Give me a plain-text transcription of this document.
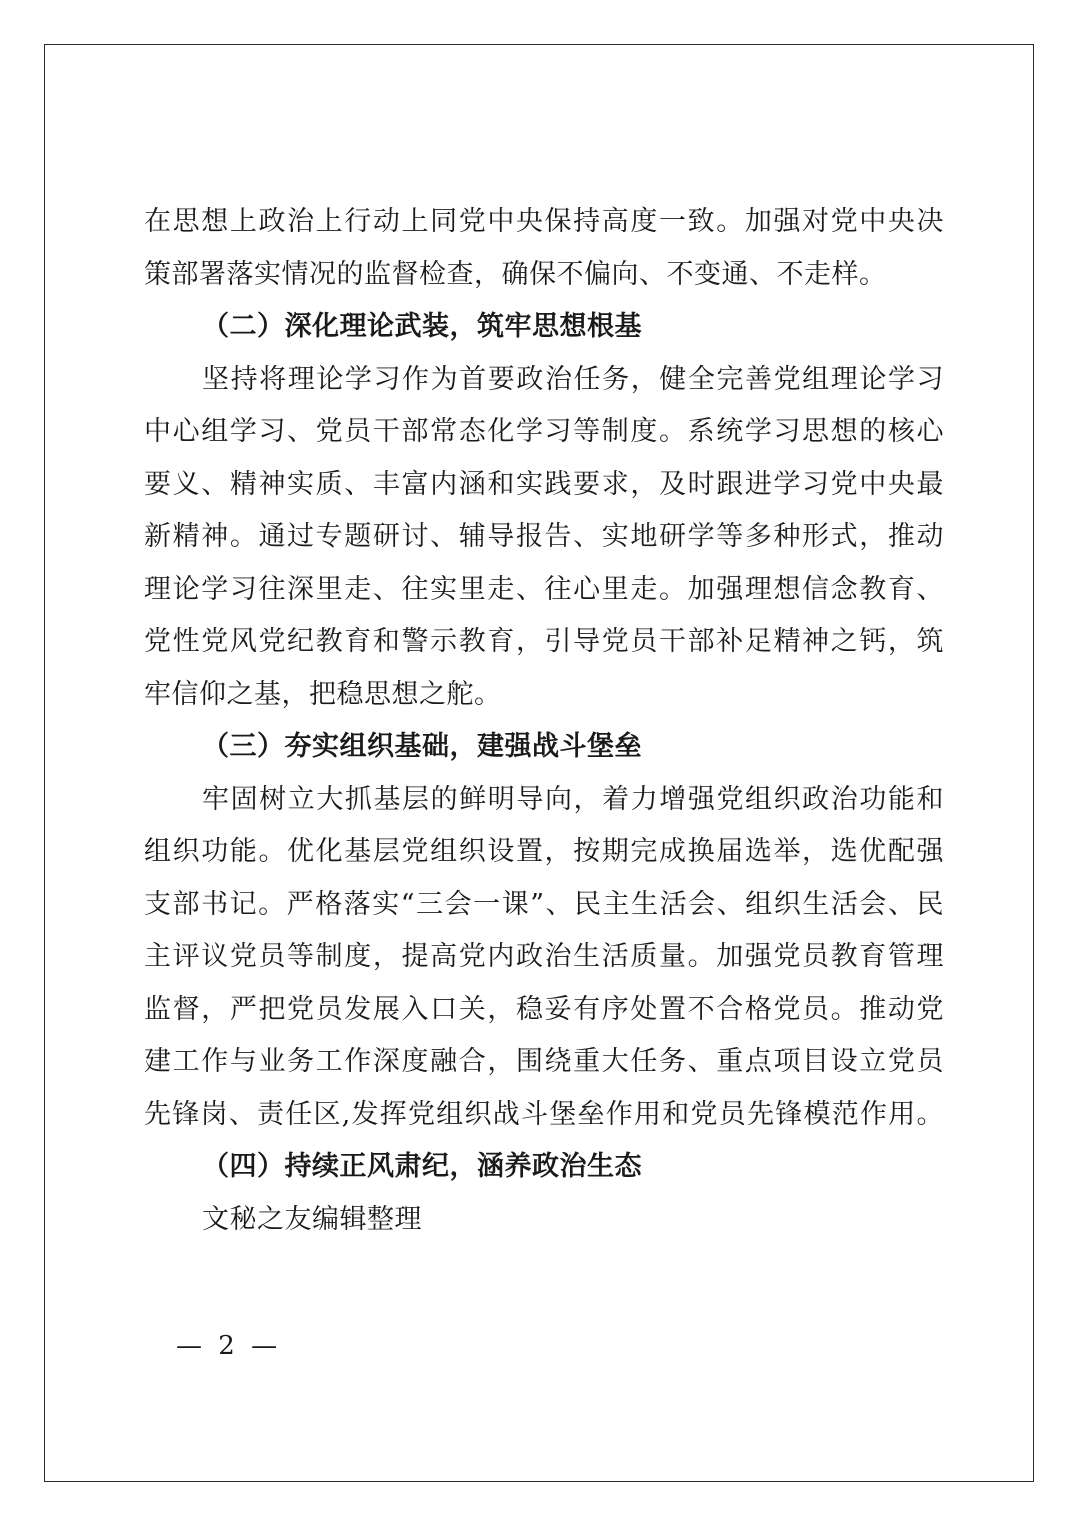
在思想上政治上行动上同党中央保持高度一致。加强对党中央决
策部署落实情况的监督检查，确保不偏向、不变通、不走样。
（二）深化理论武装，筑牢思想根基
坚持将理论学习作为首要政治任务，健全完善党组理论学习
中心组学习、党员干部常态化学习等制度。系统学习思想的核心
要义、精神实质、丰富内涵和实践要求，及时跟进学习党中央最
新精神。通过专题研讨、辅导报告、实地研学等多种形式，推动
理论学习往深里走、往实里走、往心里走。加强理想信念教育、
党性党风党纪教育和警示教育，引导党员干部补足精神之钙，筑
牢信仰之基，把稳思想之舵。
（三）夯实组织基础，建强战斗堡垒
牢固树立大抓基层的鲜明导向，着力增强党组织政治功能和
组织功能。优化基层党组织设置，按期完成换届选举，选优配强
支部书记。严格落实“三会一课”、民主生活会、组织生活会、民
主评议党员等制度，提高党内政治生活质量。加强党员教育管理
监督，严把党员发展入口关，稳妥有序处置不合格党员。推动党
建工作与业务工作深度融合，围绕重大任务、重点项目设立党员
先锋岗、责任区,发挥党组织战斗堡垒作用和党员先锋模范作用。
（四）持续正风肃纪，涵养政治生态
文秘之友编辑整理
— 2 —
